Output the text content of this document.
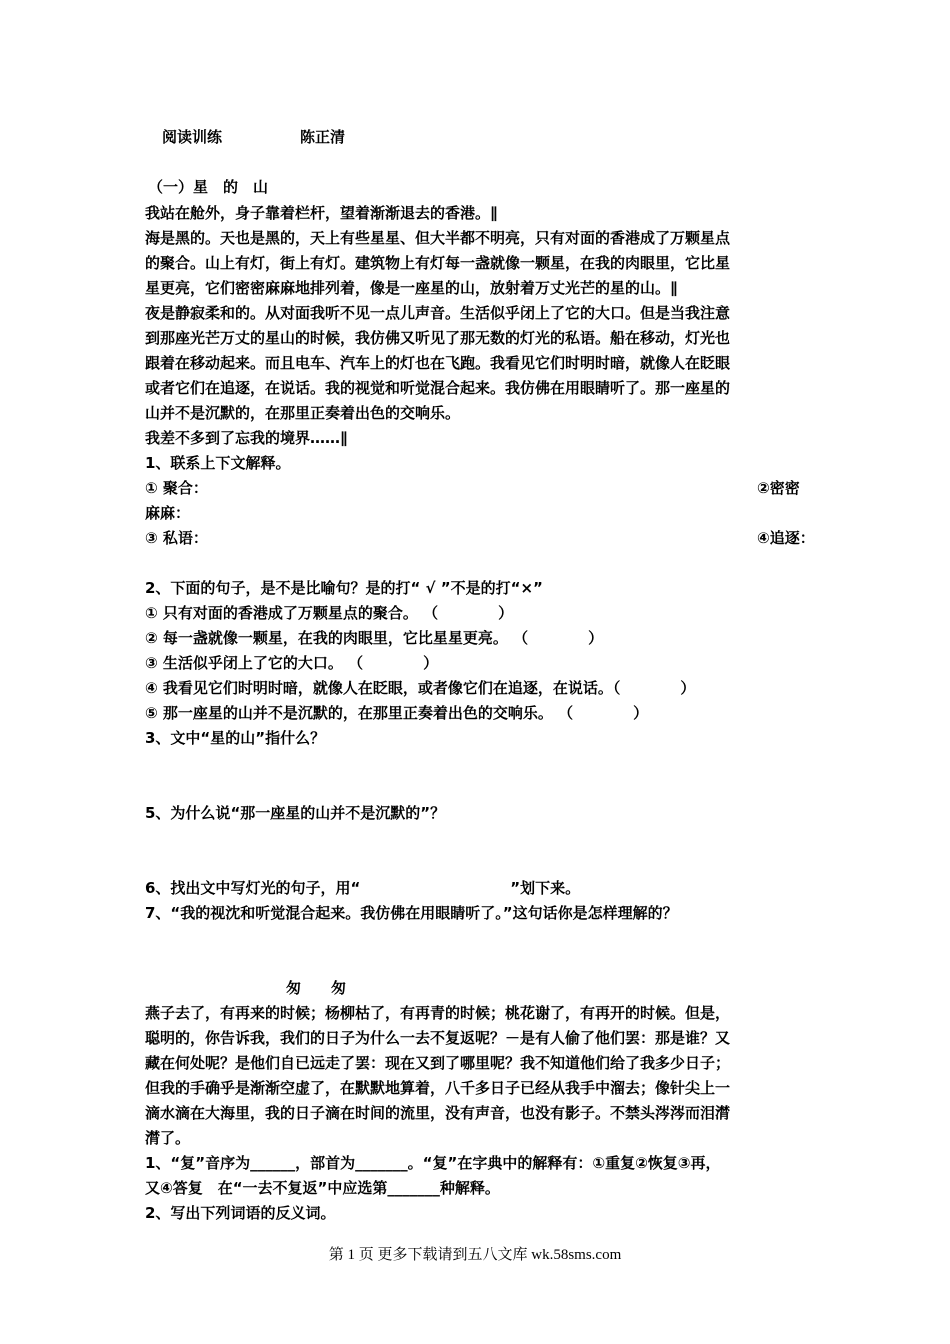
阅读训练	陈正清
（一）星　的　山
我站在舱外，身子靠着栏杆，望着渐渐退去的香港。∥
海是黑的。天也是黑的，天上有些星星、但大半都不明亮，只有对面的香港成了万颗星点
的聚合。山上有灯，街上有灯。建筑物上有灯每一盏就像一颗星，在我的肉眼里，它比星
星更亮，它们密密麻麻地排列着，像是一座星的山，放射着万丈光芒的星的山。∥
夜是静寂柔和的。从对面我听不见一点儿声音。生活似乎闭上了它的大口。但是当我注意
到那座光芒万丈的星山的时候，我仿佛又听见了那无数的灯光的私语。船在移动，灯光也
跟着在移动起来。而且电车、汽车上的灯也在飞跑。我看见它们时明时暗，就像人在眨眼
或者它们在追逐，在说话。我的视觉和听觉混合起来。我仿佛在用眼睛听了。那一座星的
山并不是沉默的，在那里正奏着出色的交响乐。
我差不多到了忘我的境界……∥
1、联系上下文解释。
① 聚合：	②密密
麻麻：
③ 私语：	④追逐：
2、下面的句子，是不是比喻句？是的打“ √ ”不是的打“×”
① 只有对面的香港成了万颗星点的聚合。 （　　　　）
② 每一盏就像一颗星，在我的肉眼里，它比星星更亮。 （　　　　）
③ 生活似乎闭上了它的大口。 （　　　　）
④ 我看见它们时明时暗，就像人在眨眼，或者像它们在追逐，在说话。（　　　　）
⑤ 那一座星的山并不是沉默的，在那里正奏着出色的交响乐。 （　　　　）
3、文中“星的山”指什么？
5、为什么说“那一座星的山并不是沉默的”？
6、找出文中写灯光的句子，用“　　　　　　　　　　”划下来。
7、“我的视沈和听觉混合起来。我仿佛在用眼睛听了。”这句话你是怎样理解的？
匆　　匆
燕子去了，有再来的时候；杨柳枯了，有再青的时候；桃花谢了，有再开的时候。但是，
聪明的，你告诉我，我们的日子为什么一去不复返呢？－是有人偷了他们罢：那是谁？又
藏在何处呢？是他们自已远走了罢：现在又到了哪里呢？我不知道他们给了我多少日子；
但我的手确乎是渐渐空虚了，在默默地算着，八千多日子已经从我手中溜去；像针尖上一
滴水滴在大海里，我的日子滴在时间的流里，没有声音，也没有影子。不禁头涔涔而泪潸
潸了。
1、“复”音序为______，部首为_______。“复”在字典中的解释有：①重复②恢复③再，
又④答复　在“一去不复返”中应选第_______种解释。
2、写出下列词语的反义词。
第 1 页 更多下载请到五八文库 wk.58sms.com
